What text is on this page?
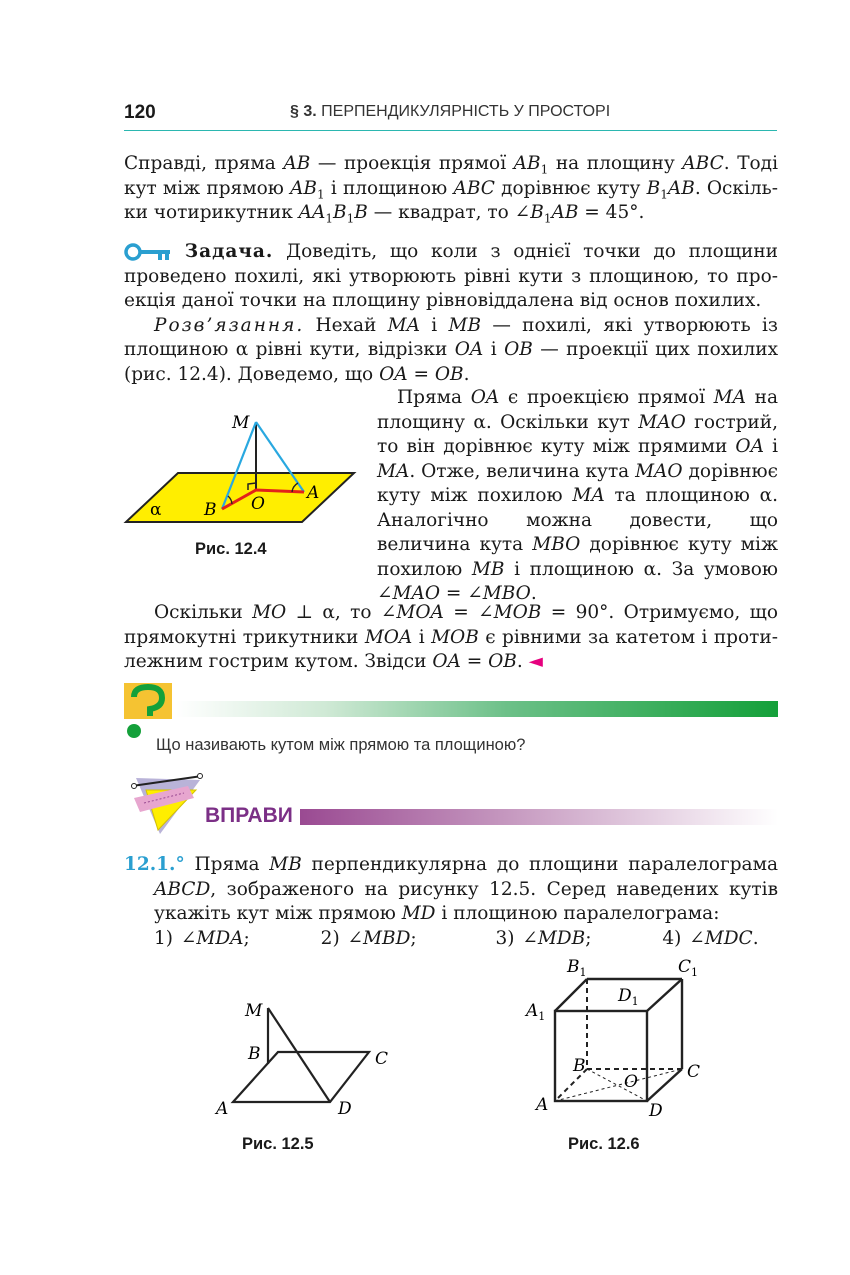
120	§ 3. ПЕРПЕНДИКУЛЯРНІСТЬ У ПРОСТОРІ

Справді, пряма AB — проекція прямої $AB_1$ на площину ABC. Тоді кут між прямою $AB_1$ і площиною ABC дорівнює куту $B_1AB$. Оскільки чотирикутник $AA_1B_1B$ — квадрат, то $\angle B_1AB = 45^\circ$.

Задача. Доведіть, що коли з однієї точки до площини проведено похилі, які утворюють рівні кути з площиною, то проекція даної точки на площину рівновіддалена від основ похилих.

Розв’язання. Нехай MA і MB — похилі, які утворюють із площиною α рівні кути, відрізки OA і OB — проекції цих похилих (рис. 12.4). Доведемо, що OA = OB.

M
O
A
B
α
Рис. 12.4

Пряма OA є проекцією прямої MA на площину α. Оскільки кут MAO гострий, то він дорівнює куту між прямими OA і MA. Отже, величина кута MAO дорівнює куту між похилою MA та площиною α. Аналогічно можна довести, що величина кута MBO дорівнює куту між похилою MB і площиною α. За умовою ∠MAO = ∠MBO.

Оскільки MO ⊥ α, то ∠MOA = ∠MOB = 90°. Отримуємо, що прямокутні трикутники MOA і MOB є рівними за катетом і протилежним гострим кутом. Звідси OA = OB. ◄

Що називають кутом між прямою та площиною?
ВПРАВИ

12.1.° Пряма MB перпендикулярна до площини паралелограма ABCD, зображеного на рисунку 12.5. Серед наведених кутів укажіть кут між прямою MD і площиною паралелограма:

1) ∠MDA;         2) ∠MBD;          3) ∠MDB;         4) ∠MDC.

M
B	C
A	D
Рис. 12.5
$B_1$	$C_1$
$D_1$
$A_1$
B
O	C
A	D
Рис. 12.6
